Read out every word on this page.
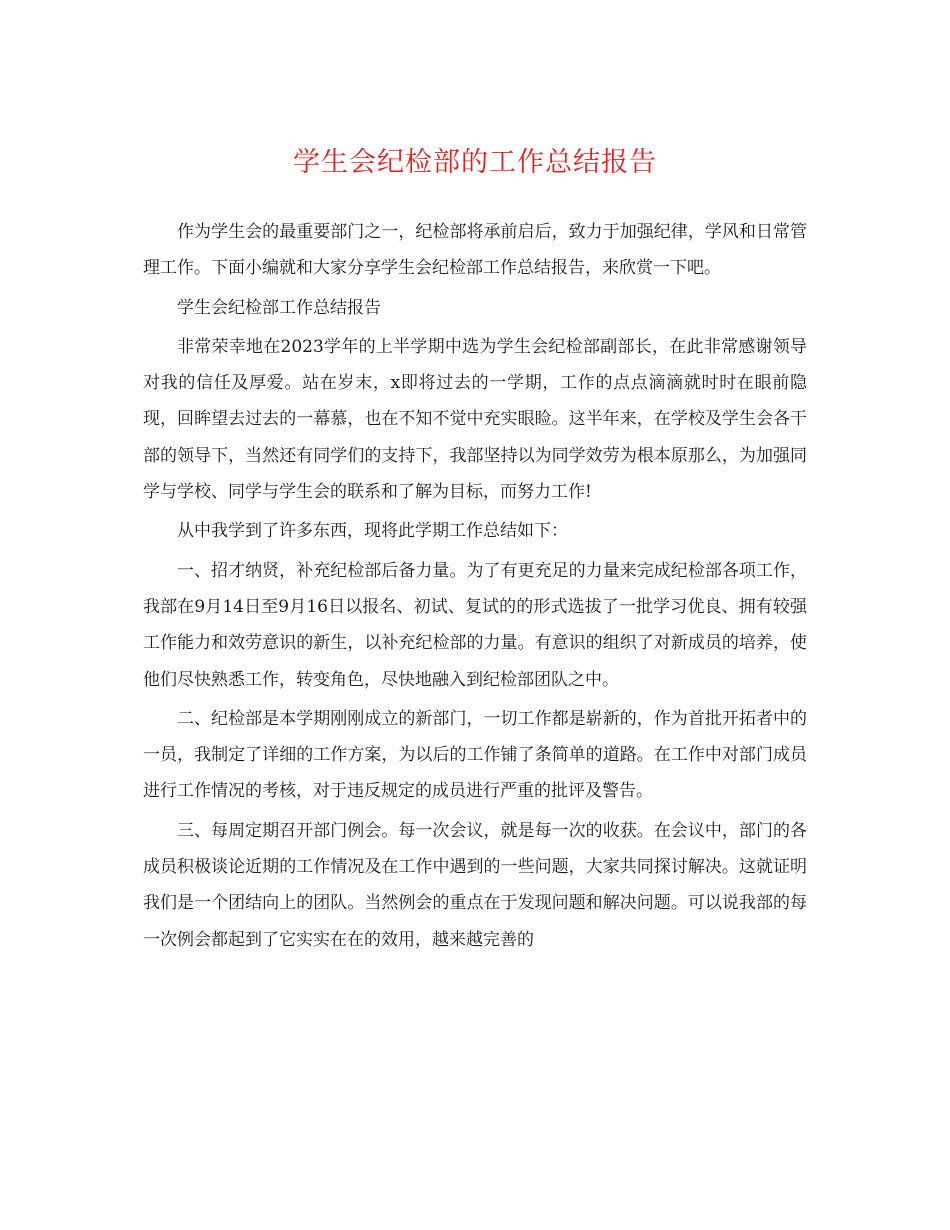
学生会纪检部的工作总结报告

作为学生会的最重要部门之一，纪检部将承前启后，致力于加强纪律，学风和日常管理工作。下面小编就和大家分享学生会纪检部工作总结报告，来欣赏一下吧。

学生会纪检部工作总结报告

非常荣幸地在2023学年的上半学期中选为学生会纪检部副部长，在此非常感谢领导对我的信任及厚爱。站在岁末，x即将过去的一学期，工作的点点滴滴就时时在眼前隐现，回眸望去过去的一幕慕，也在不知不觉中充实眼睑。这半年来，在学校及学生会各干部的领导下，当然还有同学们的支持下，我部坚持以为同学效劳为根本原那么，为加强同学与学校、同学与学生会的联系和了解为目标，而努力工作!

从中我学到了许多东西，现将此学期工作总结如下：

一、招才纳贤，补充纪检部后备力量。为了有更充足的力量来完成纪检部各项工作，我部在9月14日至9月16日以报名、初试、复试的的形式选拔了一批学习优良、拥有较强工作能力和效劳意识的新生，以补充纪检部的力量。有意识的组织了对新成员的培养，使他们尽快熟悉工作，转变角色，尽快地融入到纪检部团队之中。

二、纪检部是本学期刚刚成立的新部门，一切工作都是崭新的，作为首批开拓者中的一员，我制定了详细的工作方案，为以后的工作铺了条简单的道路。在工作中对部门成员进行工作情况的考核，对于违反规定的成员进行严重的批评及警告。

三、每周定期召开部门例会。每一次会议，就是每一次的收获。在会议中，部门的各成员积极谈论近期的工作情况及在工作中遇到的一些问题，大家共同探讨解决。这就证明我们是一个团结向上的团队。当然例会的重点在于发现问题和解决问题。可以说我部的每一次例会都起到了它实实在在的效用，越来越完善的
